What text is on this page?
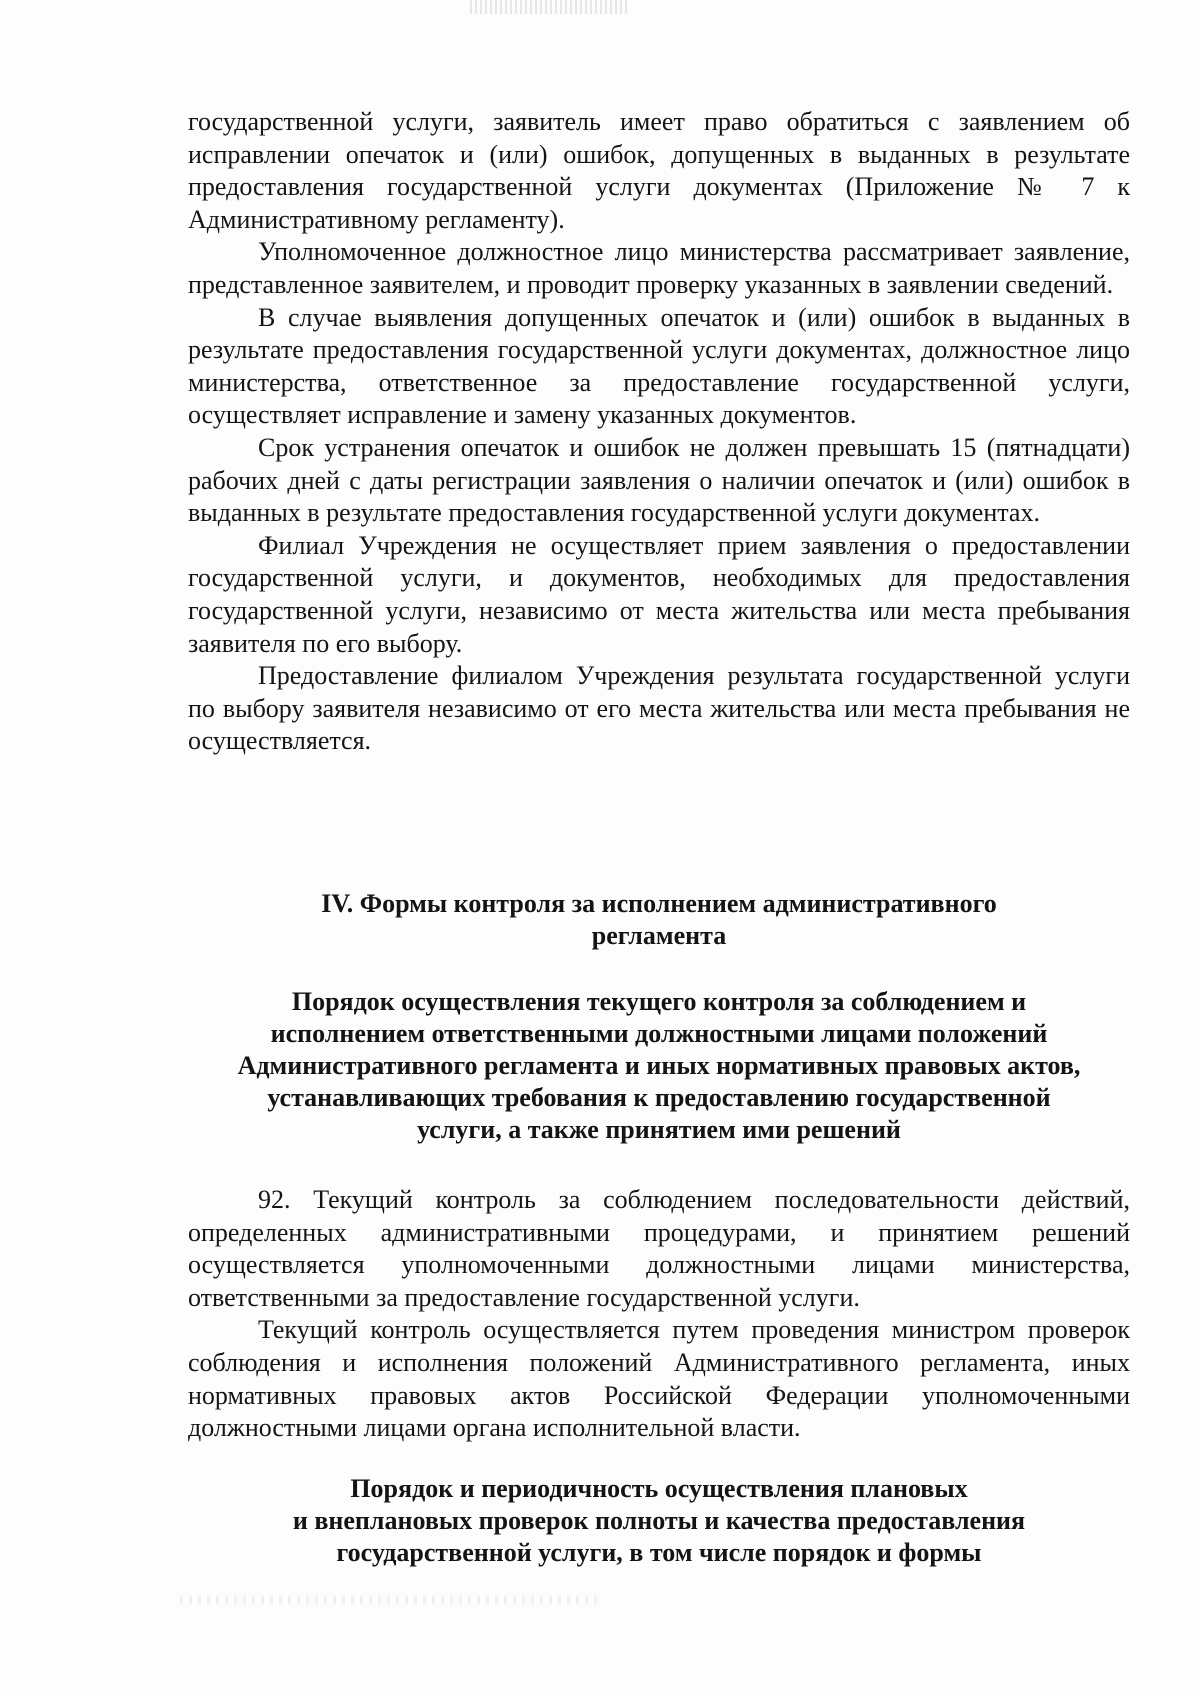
государственной услуги, заявитель имеет право обратиться с заявлением об исправлении опечаток и (или) ошибок, допущенных в выданных в результате предоставления государственной услуги документах (Приложение № 7 к Административному регламенту).

Уполномоченное должностное лицо министерства рассматривает заявление, представленное заявителем, и проводит проверку указанных в заявлении сведений.

В случае выявления допущенных опечаток и (или) ошибок в выданных в результате предоставления государственной услуги документах, должностное лицо министерства, ответственное за предоставление государственной услуги, осуществляет исправление и замену указанных документов.

Срок устранения опечаток и ошибок не должен превышать 15 (пятнадцати) рабочих дней с даты регистрации заявления о наличии опечаток и (или) ошибок в выданных в результате предоставления государственной услуги документах.

Филиал Учреждения не осуществляет прием заявления о предоставлении государственной услуги, и документов, необходимых для предоставления государственной услуги, независимо от места жительства или места пребывания заявителя по его выбору.

Предоставление филиалом Учреждения результата государственной услуги по выбору заявителя независимо от его места жительства или места пребывания не осуществляется.

IV. Формы контроля за исполнением административного
регламента
Порядок осуществления текущего контроля за соблюдением и
исполнением ответственными должностными лицами положений
Административного регламента и иных нормативных правовых актов,
устанавливающих требования к предоставлению государственной
услуги, а также принятием ими решений

92. Текущий контроль за соблюдением последовательности действий, определенных административными процедурами, и принятием решений осуществляется уполномоченными должностными лицами министерства, ответственными за предоставление государственной услуги.

Текущий контроль осуществляется путем проведения министром проверок соблюдения и исполнения положений Административного регламента, иных нормативных правовых актов Российской Федерации уполномоченными должностными лицами органа исполнительной власти.

Порядок и периодичность осуществления плановых
и внеплановых проверок полноты и качества предоставления
государственной услуги, в том числе порядок и формы
